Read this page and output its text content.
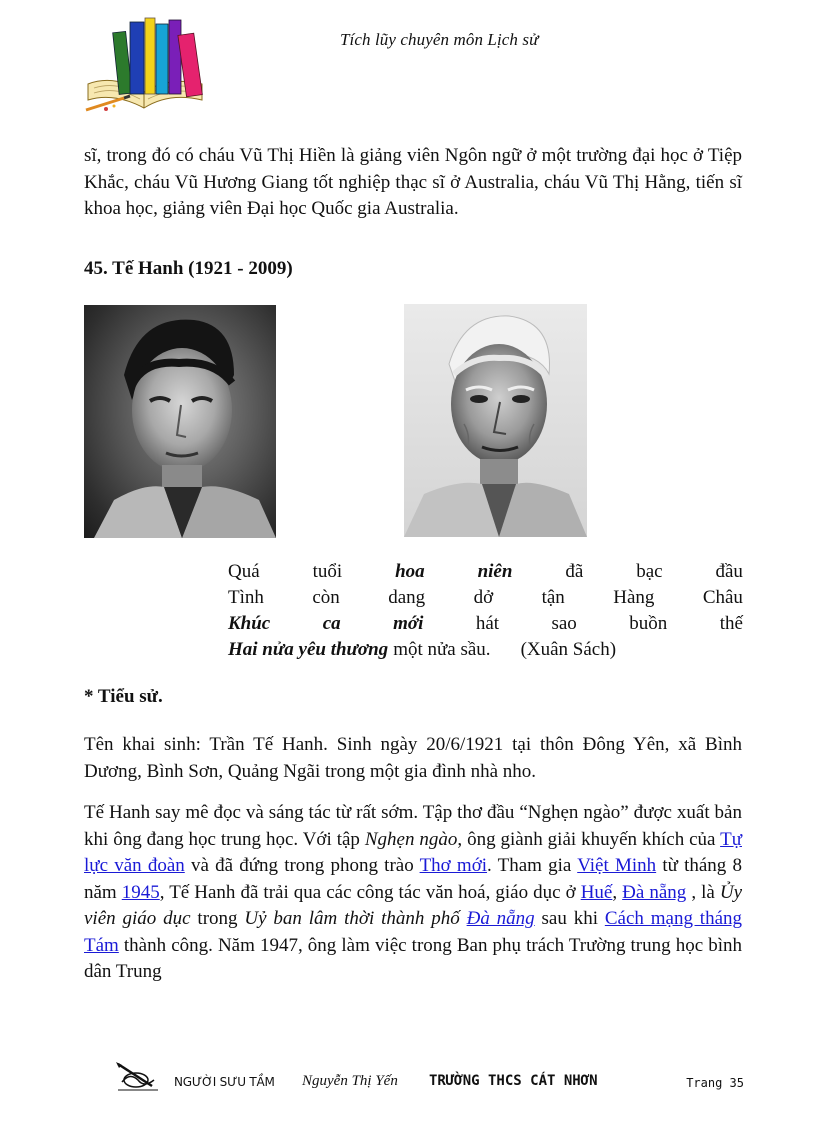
Tích lũy chuyên môn Lịch sử

sĩ, trong đó có cháu Vũ Thị Hiền là giảng viên Ngôn ngữ ở một trường đại học ở Tiệp Khắc, cháu Vũ Hương Giang tốt nghiệp thạc sĩ ở Australia, cháu Vũ Thị Hằng, tiến sĩ khoa học, giảng viên Đại học Quốc gia Australia.

45. Tế Hanh (1921 - 2009)
Quá	tuổi	hoa	niên	đã	bạc	đầu
Tình	còn	dang	dở	tận	Hàng	Châu
Khúc	ca	mới	hát	sao	buồn	thế
Hai nửa yêu thương một nửa sầu. (Xuân Sách)
* Tiểu sử.

Tên khai sinh: Trần Tế Hanh. Sinh ngày 20/6/1921 tại thôn Đông Yên, xã Bình Dương, Bình Sơn, Quảng Ngãi trong một gia đình nhà nho.

Tế Hanh say mê đọc và sáng tác từ rất sớm. Tập thơ đầu “Nghẹn ngào” được xuất bản khi ông đang học trung học. Với tập Nghẹn ngào, ông giành giải khuyến khích của Tự lực văn đoàn và đã đứng trong phong trào Thơ mới. Tham gia Việt Minh từ tháng 8 năm 1945, Tế Hanh đã trải qua các công tác văn hoá, giáo dục ở Huế, Đà nẵng , là Ủy viên giáo dục trong Uỷ ban lâm thời thành phố Đà nẵng sau khi Cách mạng tháng Tám thành công. Năm 1947, ông làm việc trong Ban phụ trách Trường trung học bình dân Trung

NGƯỜI SƯU TẦM Nguyễn Thị Yến TRƯỜNG THCS CÁT NHƠN	Trang 35
